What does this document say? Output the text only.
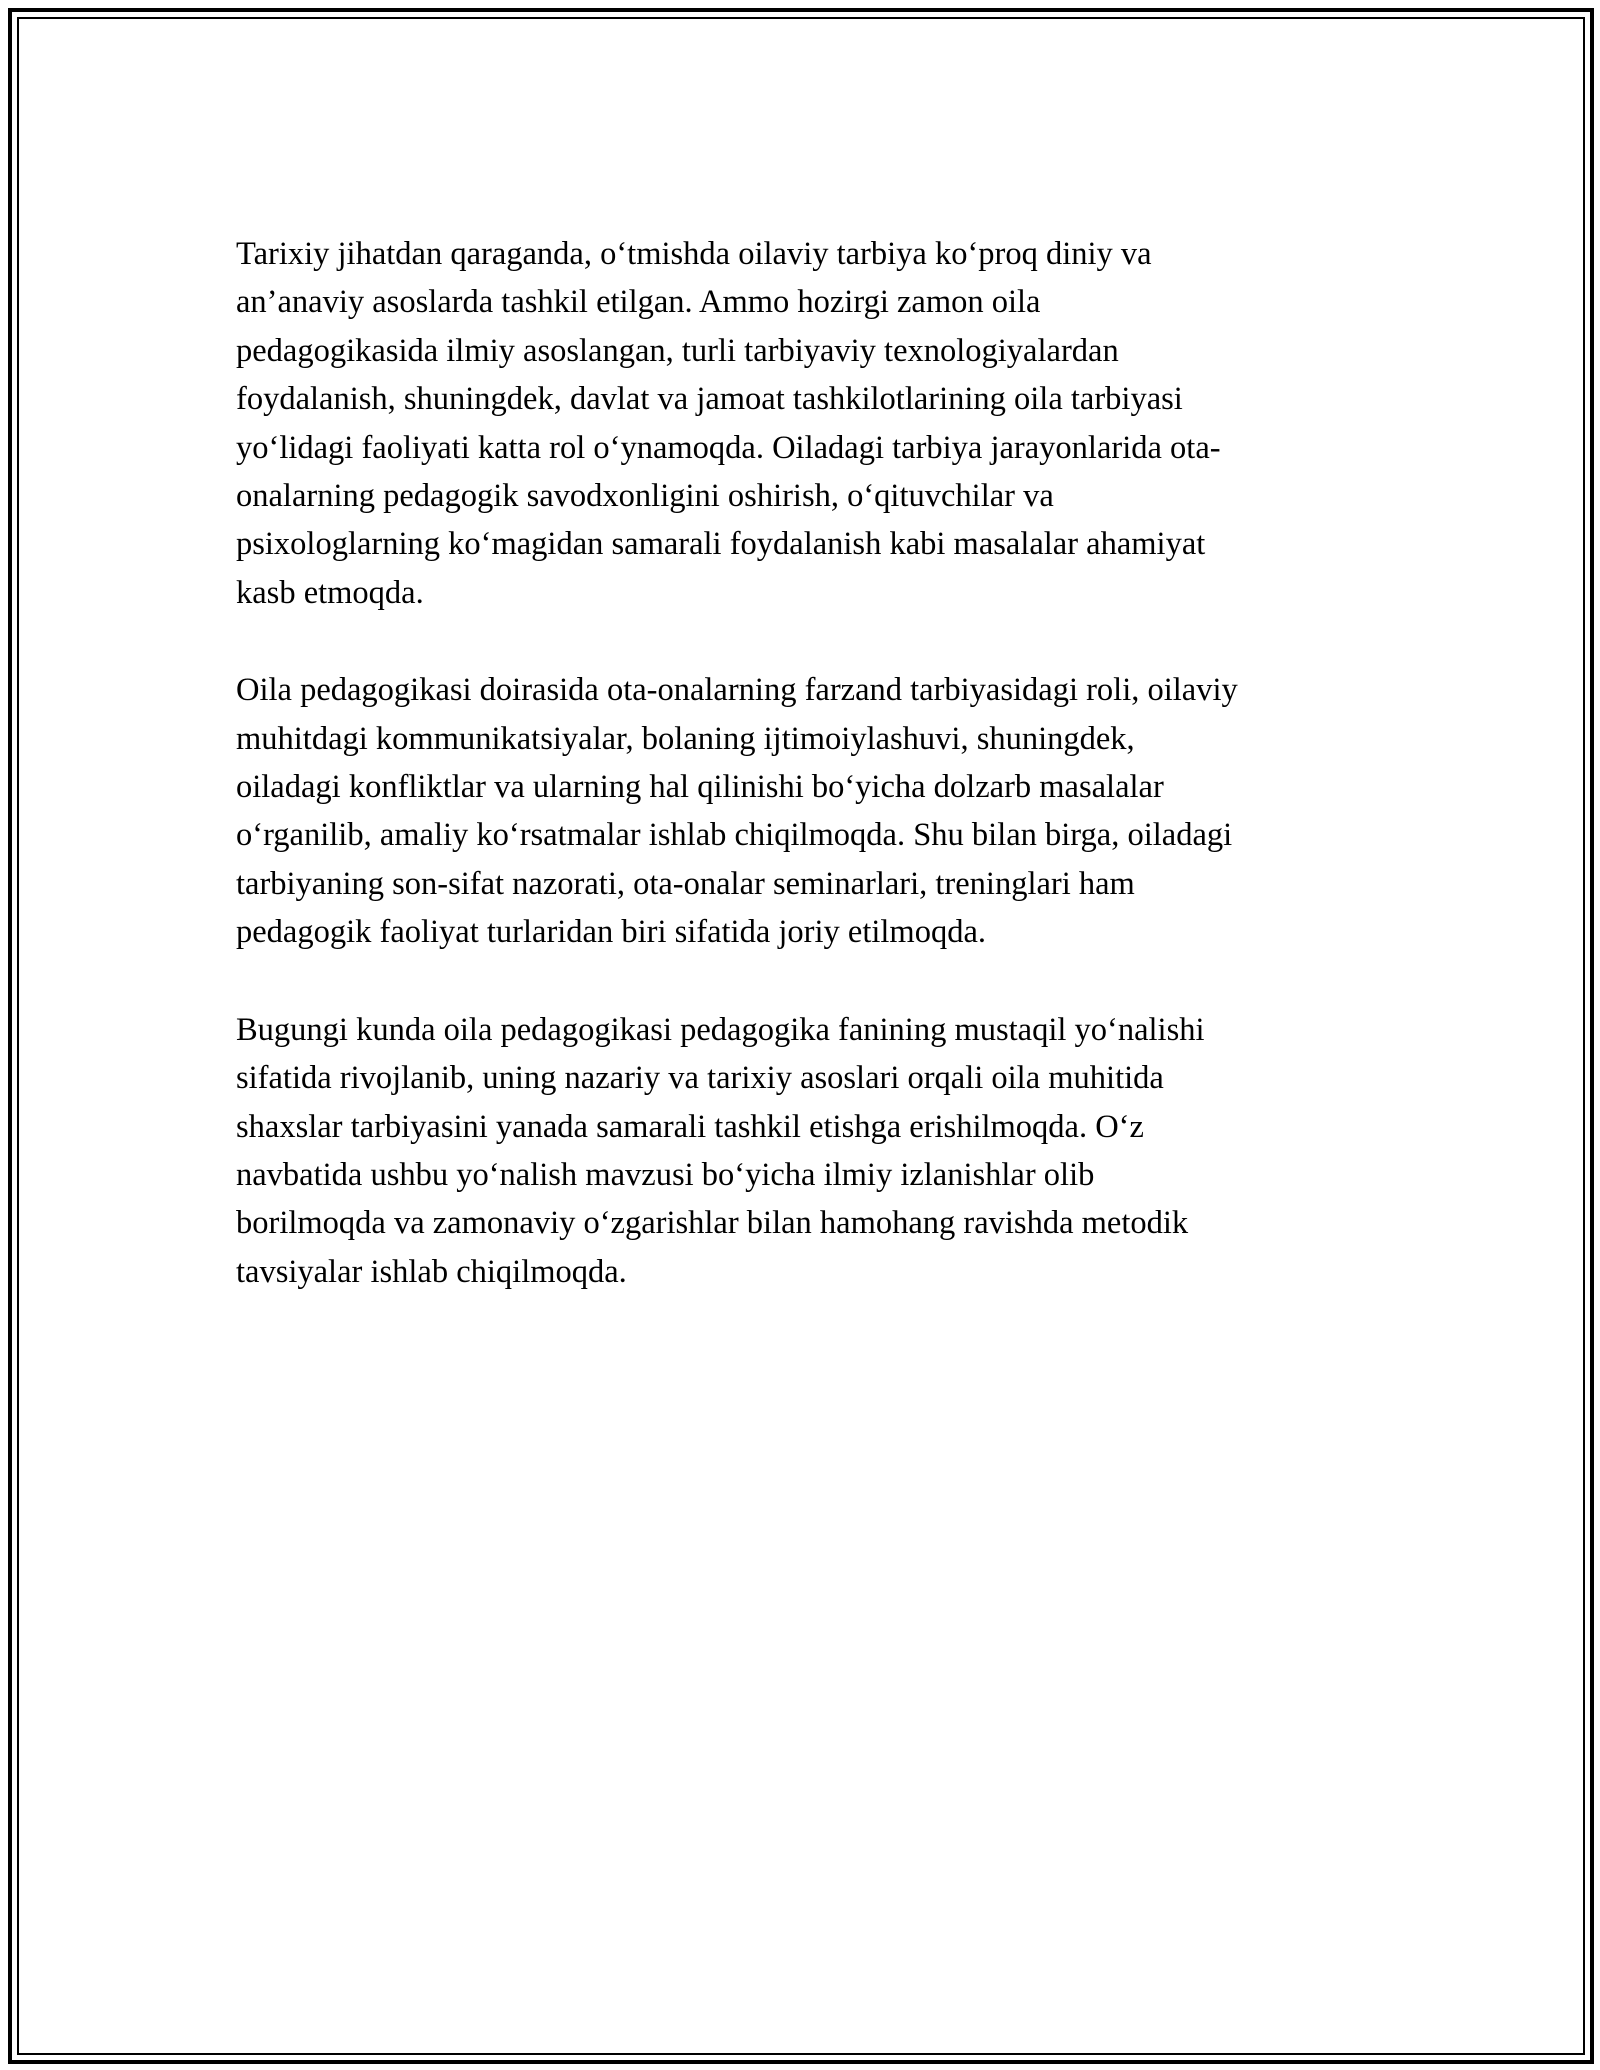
Tarixiy jihatdan qaraganda, o‘tmishda oilaviy tarbiya ko‘proq diniy va
an’anaviy asoslarda tashkil etilgan. Ammo hozirgi zamon oila
pedagogikasida ilmiy asoslangan, turli tarbiyaviy texnologiyalardan
foydalanish, shuningdek, davlat va jamoat tashkilotlarining oila tarbiyasi
yo‘lidagi faoliyati katta rol o‘ynamoqda. Oiladagi tarbiya jarayonlarida ota-
onalarning pedagogik savodxonligini oshirish, o‘qituvchilar va
psixologlarning ko‘magidan samarali foydalanish kabi masalalar ahamiyat
kasb etmoqda.

Oila pedagogikasi doirasida ota-onalarning farzand tarbiyasidagi roli, oilaviy
muhitdagi kommunikatsiyalar, bolaning ijtimoiylashuvi, shuningdek,
oiladagi konfliktlar va ularning hal qilinishi bo‘yicha dolzarb masalalar
o‘rganilib, amaliy ko‘rsatmalar ishlab chiqilmoqda. Shu bilan birga, oiladagi
tarbiyaning son-sifat nazorati, ota-onalar seminarlari, treninglari ham
pedagogik faoliyat turlaridan biri sifatida joriy etilmoqda.

Bugungi kunda oila pedagogikasi pedagogika fanining mustaqil yo‘nalishi
sifatida rivojlanib, uning nazariy va tarixiy asoslari orqali oila muhitida
shaxslar tarbiyasini yanada samarali tashkil etishga erishilmoqda. O‘z
navbatida ushbu yo‘nalish mavzusi bo‘yicha ilmiy izlanishlar olib
borilmoqda va zamonaviy o‘zgarishlar bilan hamohang ravishda metodik
tavsiyalar ishlab chiqilmoqda.
